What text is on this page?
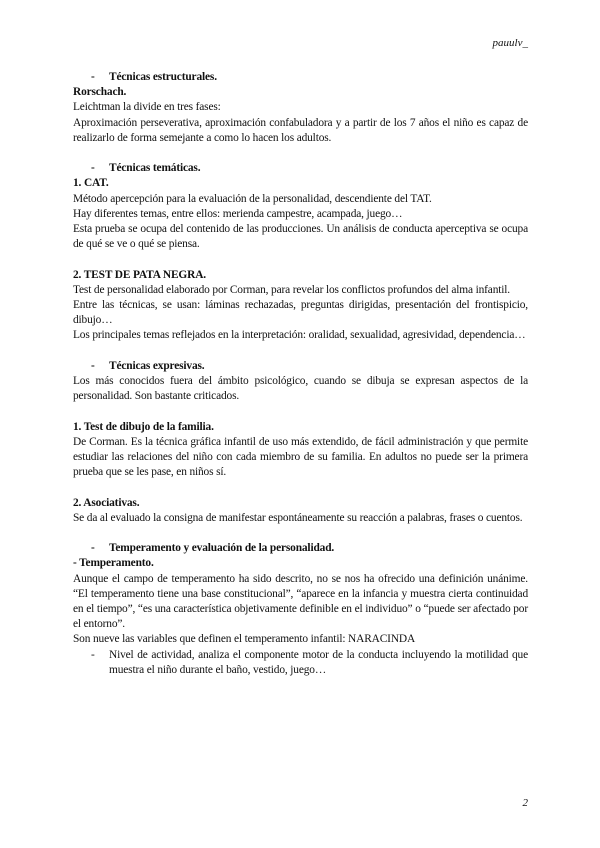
pauulv_
-	Técnicas estructurales.

Rorschach.

Leichtman la divide en tres fases:

Aproximación perseverativa, aproximación confabuladora y a partir de los 7 años el niño es capaz de realizarlo de forma semejante a como lo hacen los adultos.

-	Técnicas temáticas.

1. CAT.

Método apercepción para la evaluación de la personalidad, descendiente del TAT.

Hay diferentes temas, entre ellos: merienda campestre, acampada, juego…

Esta prueba se ocupa del contenido de las producciones. Un análisis de conducta aperceptiva se ocupa de qué se ve o qué se piensa.

2. TEST DE PATA NEGRA.

Test de personalidad elaborado por Corman, para revelar los conflictos profundos del alma infantil.

Entre las técnicas, se usan: láminas rechazadas, preguntas dirigidas, presentación del frontispicio, dibujo…

Los principales temas reflejados en la interpretación: oralidad, sexualidad, agresividad, dependencia…

-	Técnicas expresivas.

Los más conocidos fuera del ámbito psicológico, cuando se dibuja se expresan aspectos de la personalidad. Son bastante criticados.

1. Test de dibujo de la familia.

De Corman. Es la técnica gráfica infantil de uso más extendido, de fácil administración y que permite estudiar las relaciones del niño con cada miembro de su familia. En adultos no puede ser la primera prueba que se les pase, en niños sí.

2. Asociativas.

Se da al evaluado la consigna de manifestar espontáneamente su reacción a palabras, frases o cuentos.

-	Temperamento y evaluación de la personalidad.

- Temperamento.

Aunque el campo de temperamento ha sido descrito, no se nos ha ofrecido una definición unánime. “El temperamento tiene una base constitucional”, “aparece en la infancia y muestra cierta continuidad en el tiempo”, “es una característica objetivamente definible en el individuo” o “puede ser afectado por el entorno”.

Son nueve las variables que definen el temperamento infantil: NARACINDA

-	Nivel de actividad, analiza el componente motor de la conducta incluyendo la motilidad que muestra el niño durante el baño, vestido, juego…
2
